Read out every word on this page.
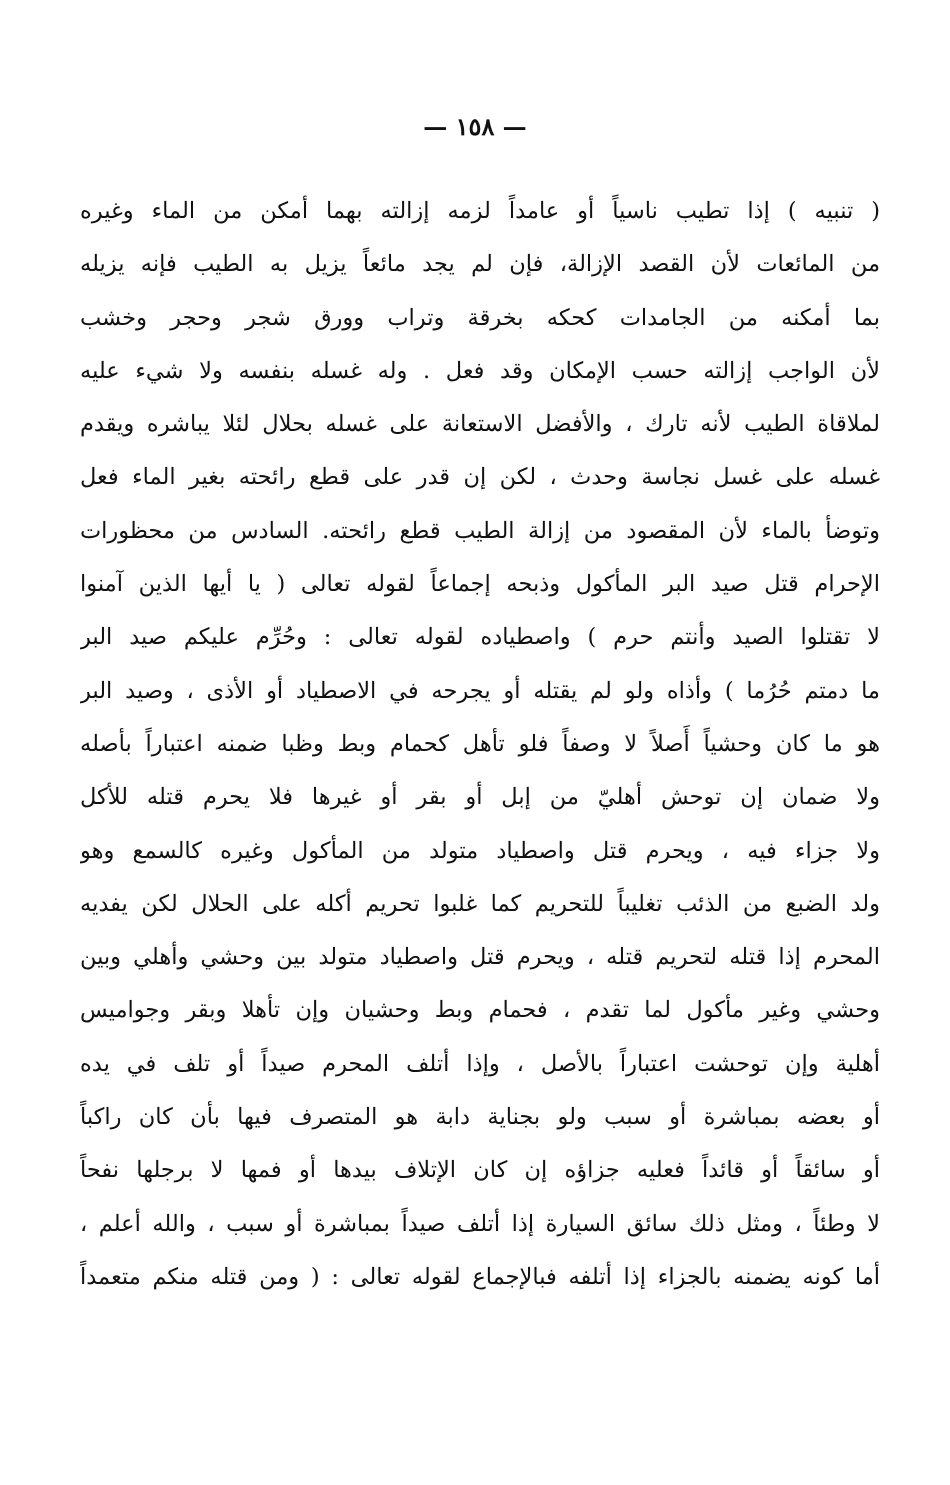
— ١٥٨ —
( تنبيه ) إذا تطيب ناسياً أو عامداً لزمه إزالته بهما أمكن من الماء وغيره
من المائعات لأن القصد الإزالة، فإن لم يجد مائعاً يزيل به الطيب فإنه يزيله
بما أمكنه من الجامدات كحكه بخرقة وتراب وورق شجر وحجر وخشب
لأن الواجب إزالته حسب الإمكان وقد فعل . وله غسله بنفسه ولا شيء عليه
لملاقاة الطيب لأنه تارك ، والأفضل الاستعانة على غسله بحلال لئلا يباشره ويقدم
غسله على غسل نجاسة وحدث ، لكن إن قدر على قطع رائحته بغير الماء فعل
وتوضأ بالماء لأن المقصود من إزالة الطيب قطع رائحته. السادس من محظورات
الإحرام قتل صيد البر المأكول وذبحه إجماعاً لقوله تعالى ( يا أيها الذين آمنوا
لا تقتلوا الصيد وأنتم حرم ) واصطياده لقوله تعالى : وحُرِّم عليكم صيد البر
ما دمتم حُرُما ) وأذاه ولو لم يقتله أو يجرحه في الاصطياد أو الأذى ، وصيد البر
هو ما كان وحشياً أَصلاً لا وصفاً فلو تأهل كحمام وبط وظبا ضمنه اعتباراً بأصله
ولا ضمان إن توحش أهليّ من إبل أو بقر أو غيرها فلا يحرم قتله للأكل
ولا جزاء فيه ، ويحرم قتل واصطياد متولد من المأكول وغيره كالسمع وهو
ولد الضبع من الذئب تغليباً للتحريم كما غلبوا تحريم أكله على الحلال لكن يفديه
المحرم إذا قتله لتحريم قتله ، ويحرم قتل واصطياد متولد بين وحشي وأهلي وبين
وحشي وغير مأكول لما تقدم ، فحمام وبط وحشيان وإن تأهلا وبقر وجواميس
أهلية وإن توحشت اعتباراً بالأصل ، وإذا أتلف المحرم صيداً أو تلف في يده
أو بعضه بمباشرة أو سبب ولو بجناية دابة هو المتصرف فيها بأن كان راكباً
أو سائقاً أو قائداً فعليه جزاؤه إن كان الإتلاف بيدها أو فمها لا برجلها نفحاً
لا وطئاً ، ومثل ذلك سائق السيارة إذا أتلف صيداً بمباشرة أو سبب ، والله أعلم ،
أما كونه يضمنه بالجزاء إذا أتلفه فبالإجماع لقوله تعالى : ( ومن قتله منكم متعمداً
